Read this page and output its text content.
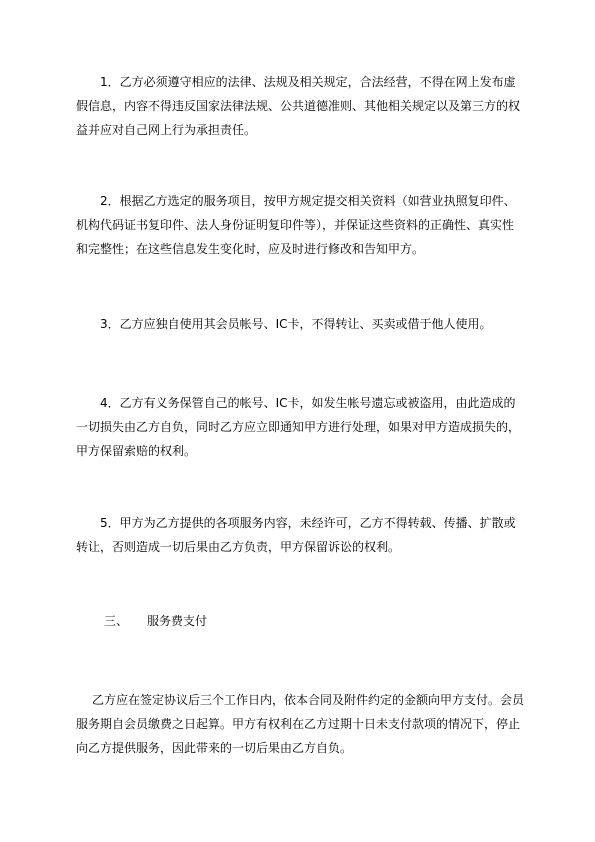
1．乙方必须遵守相应的法律、法规及相关规定，合法经营，不得在网上发布虚假信息，内容不得违反国家法律法规、公共道德准则、其他相关规定以及第三方的权益并应对自己网上行为承担责任。

2．根据乙方选定的服务项目，按甲方规定提交相关资料（如营业执照复印件、机构代码证书复印件、法人身份证明复印件等），并保证这些资料的正确性、真实性和完整性；在这些信息发生变化时，应及时进行修改和告知甲方。

3．乙方应独自使用其会员帐号、IC卡，不得转让、买卖或借于他人使用。

4．乙方有义务保管自己的帐号、IC卡，如发生帐号遗忘或被盗用，由此造成的一切损失由乙方自负，同时乙方应立即通知甲方进行处理，如果对甲方造成损失的，甲方保留索赔的权利。

5．甲方为乙方提供的各项服务内容，未经许可，乙方不得转载、传播、扩散或转让，否则造成一切后果由乙方负责，甲方保留诉讼的权利。

三、 服务费支付

乙方应在签定协议后三个工作日内，依本合同及附件约定的金额向甲方支付。会员服务期自会员缴费之日起算。甲方有权利在乙方过期十日未支付款项的情况下，停止向乙方提供服务，因此带来的一切后果由乙方自负。
